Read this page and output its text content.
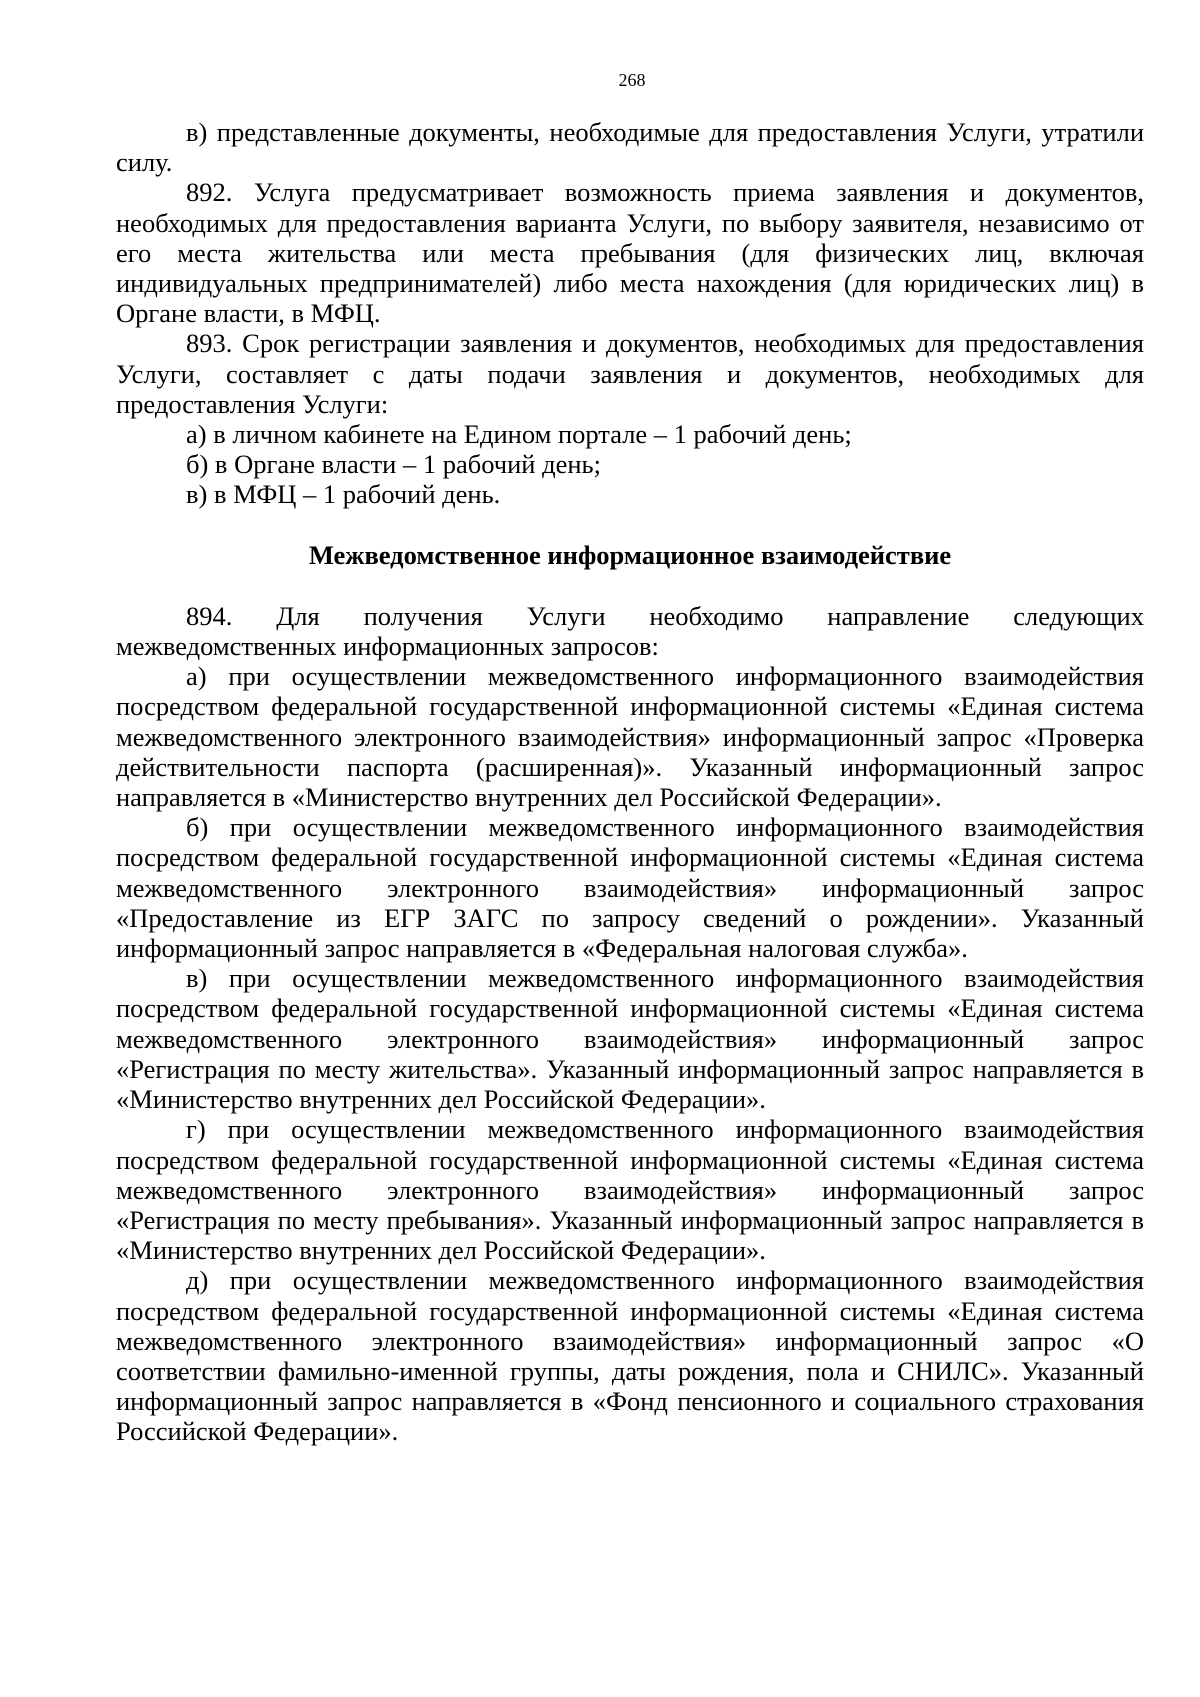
268

в) представленные документы, необходимые для предоставления Услуги, утратили силу.

892. Услуга предусматривает возможность приема заявления и документов, необходимых для предоставления варианта Услуги, по выбору заявителя, независимо от его места жительства или места пребывания (для физических лиц, включая индивидуальных предпринимателей) либо места нахождения (для юридических лиц) в Органе власти, в МФЦ.

893. Срок регистрации заявления и документов, необходимых для предоставления Услуги, составляет с даты подачи заявления и документов, необходимых для предоставления Услуги:

а) в личном кабинете на Едином портале – 1 рабочий день;

б) в Органе власти – 1 рабочий день;

в) в МФЦ – 1 рабочий день.

Межведомственное информационное взаимодействие

894. Для получения Услуги необходимо направление следующих межведомственных информационных запросов:

а) при осуществлении межведомственного информационного взаимодействия посредством федеральной государственной информационной системы «Единая система межведомственного электронного взаимодействия» информационный запрос «Проверка действительности паспорта (расширенная)». Указанный информационный запрос направляется в «Министерство внутренних дел Российской Федерации».

б) при осуществлении межведомственного информационного взаимодействия посредством федеральной государственной информационной системы «Единая система межведомственного электронного взаимодействия» информационный запрос «Предоставление из ЕГР ЗАГС по запросу сведений о рождении». Указанный информационный запрос направляется в «Федеральная налоговая служба».

в) при осуществлении межведомственного информационного взаимодействия посредством федеральной государственной информационной системы «Единая система межведомственного электронного взаимодействия» информационный запрос «Регистрация по месту жительства». Указанный информационный запрос направляется в «Министерство внутренних дел Российской Федерации».

г) при осуществлении межведомственного информационного взаимодействия посредством федеральной государственной информационной системы «Единая система межведомственного электронного взаимодействия» информационный запрос «Регистрация по месту пребывания». Указанный информационный запрос направляется в «Министерство внутренних дел Российской Федерации».

д) при осуществлении межведомственного информационного взаимодействия посредством федеральной государственной информационной системы «Единая система межведомственного электронного взаимодействия» информационный запрос «О соответствии фамильно-именной группы, даты рождения, пола и СНИЛС». Указанный информационный запрос направляется в «Фонд пенсионного и социального страхования Российской Федерации».
